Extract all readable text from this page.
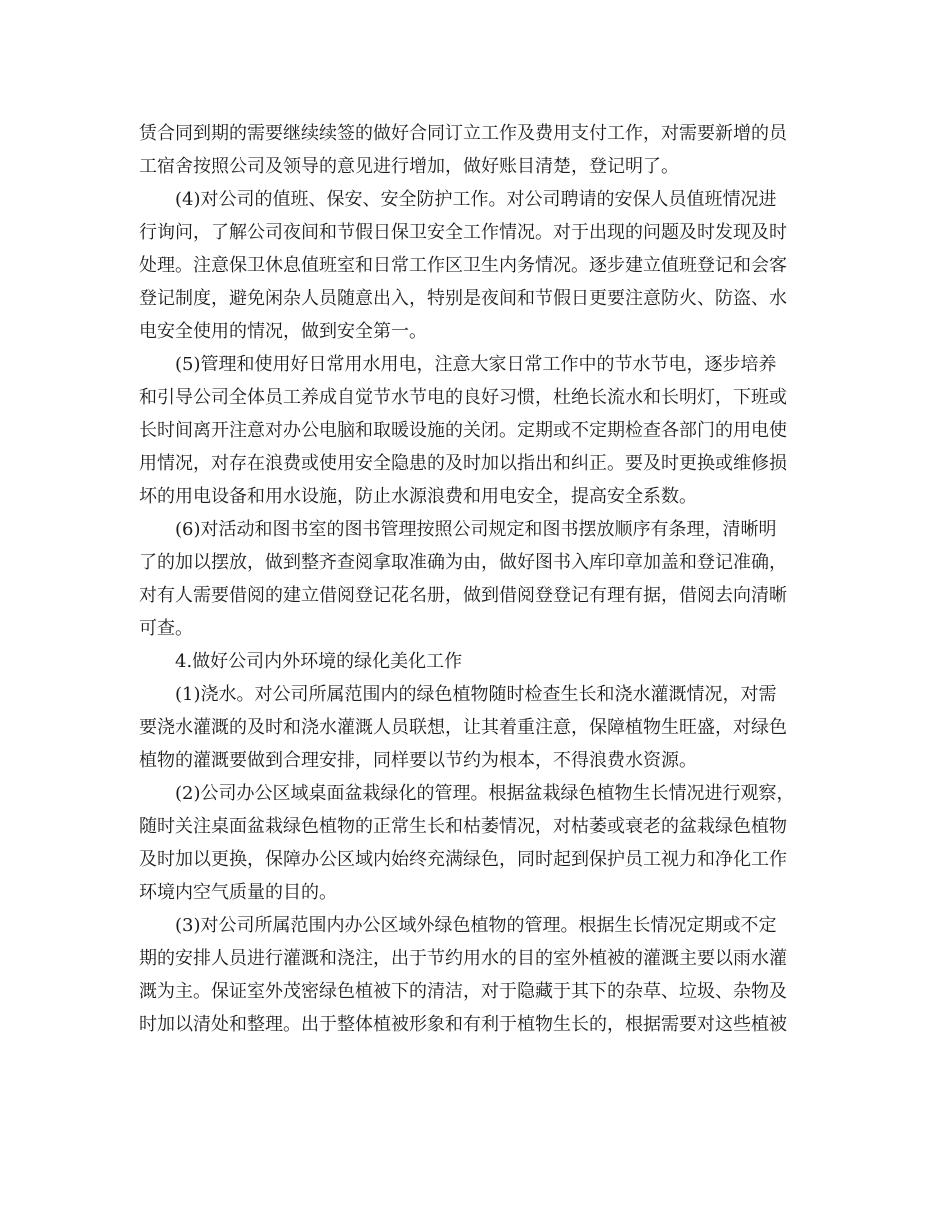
赁合同到期的需要继续续签的做好合同订立工作及费用支付工作，对需要新增的员
工宿舍按照公司及领导的意见进行增加，做好账目清楚，登记明了。
(4)对公司的值班、保安、安全防护工作。对公司聘请的安保人员值班情况进
行询问，了解公司夜间和节假日保卫安全工作情况。对于出现的问题及时发现及时
处理。注意保卫休息值班室和日常工作区卫生内务情况。逐步建立值班登记和会客
登记制度，避免闲杂人员随意出入，特别是夜间和节假日更要注意防火、防盗、水
电安全使用的情况，做到安全第一。
(5)管理和使用好日常用水用电，注意大家日常工作中的节水节电，逐步培养
和引导公司全体员工养成自觉节水节电的良好习惯，杜绝长流水和长明灯，下班或
长时间离开注意对办公电脑和取暖设施的关闭。定期或不定期检查各部门的用电使
用情况，对存在浪费或使用安全隐患的及时加以指出和纠正。要及时更换或维修损
坏的用电设备和用水设施，防止水源浪费和用电安全，提高安全系数。
(6)对活动和图书室的图书管理按照公司规定和图书摆放顺序有条理，清晰明
了的加以摆放，做到整齐查阅拿取准确为由，做好图书入库印章加盖和登记准确，
对有人需要借阅的建立借阅登记花名册，做到借阅登登记有理有据，借阅去向清晰
可查。
4.做好公司内外环境的绿化美化工作
(1)浇水。对公司所属范围内的绿色植物随时检查生长和浇水灌溉情况，对需
要浇水灌溉的及时和浇水灌溉人员联想，让其着重注意，保障植物生旺盛，对绿色
植物的灌溉要做到合理安排，同样要以节约为根本，不得浪费水资源。
(2)公司办公区域桌面盆栽绿化的管理。根据盆栽绿色植物生长情况进行观察，
随时关注桌面盆栽绿色植物的正常生长和枯萎情况，对枯萎或衰老的盆栽绿色植物
及时加以更换，保障办公区域内始终充满绿色，同时起到保护员工视力和净化工作
环境内空气质量的目的。
(3)对公司所属范围内办公区域外绿色植物的管理。根据生长情况定期或不定
期的安排人员进行灌溉和浇注，出于节约用水的目的室外植被的灌溉主要以雨水灌
溉为主。保证室外茂密绿色植被下的清洁，对于隐藏于其下的杂草、垃圾、杂物及
时加以清处和整理。出于整体植被形象和有利于植物生长的，根据需要对这些植被
